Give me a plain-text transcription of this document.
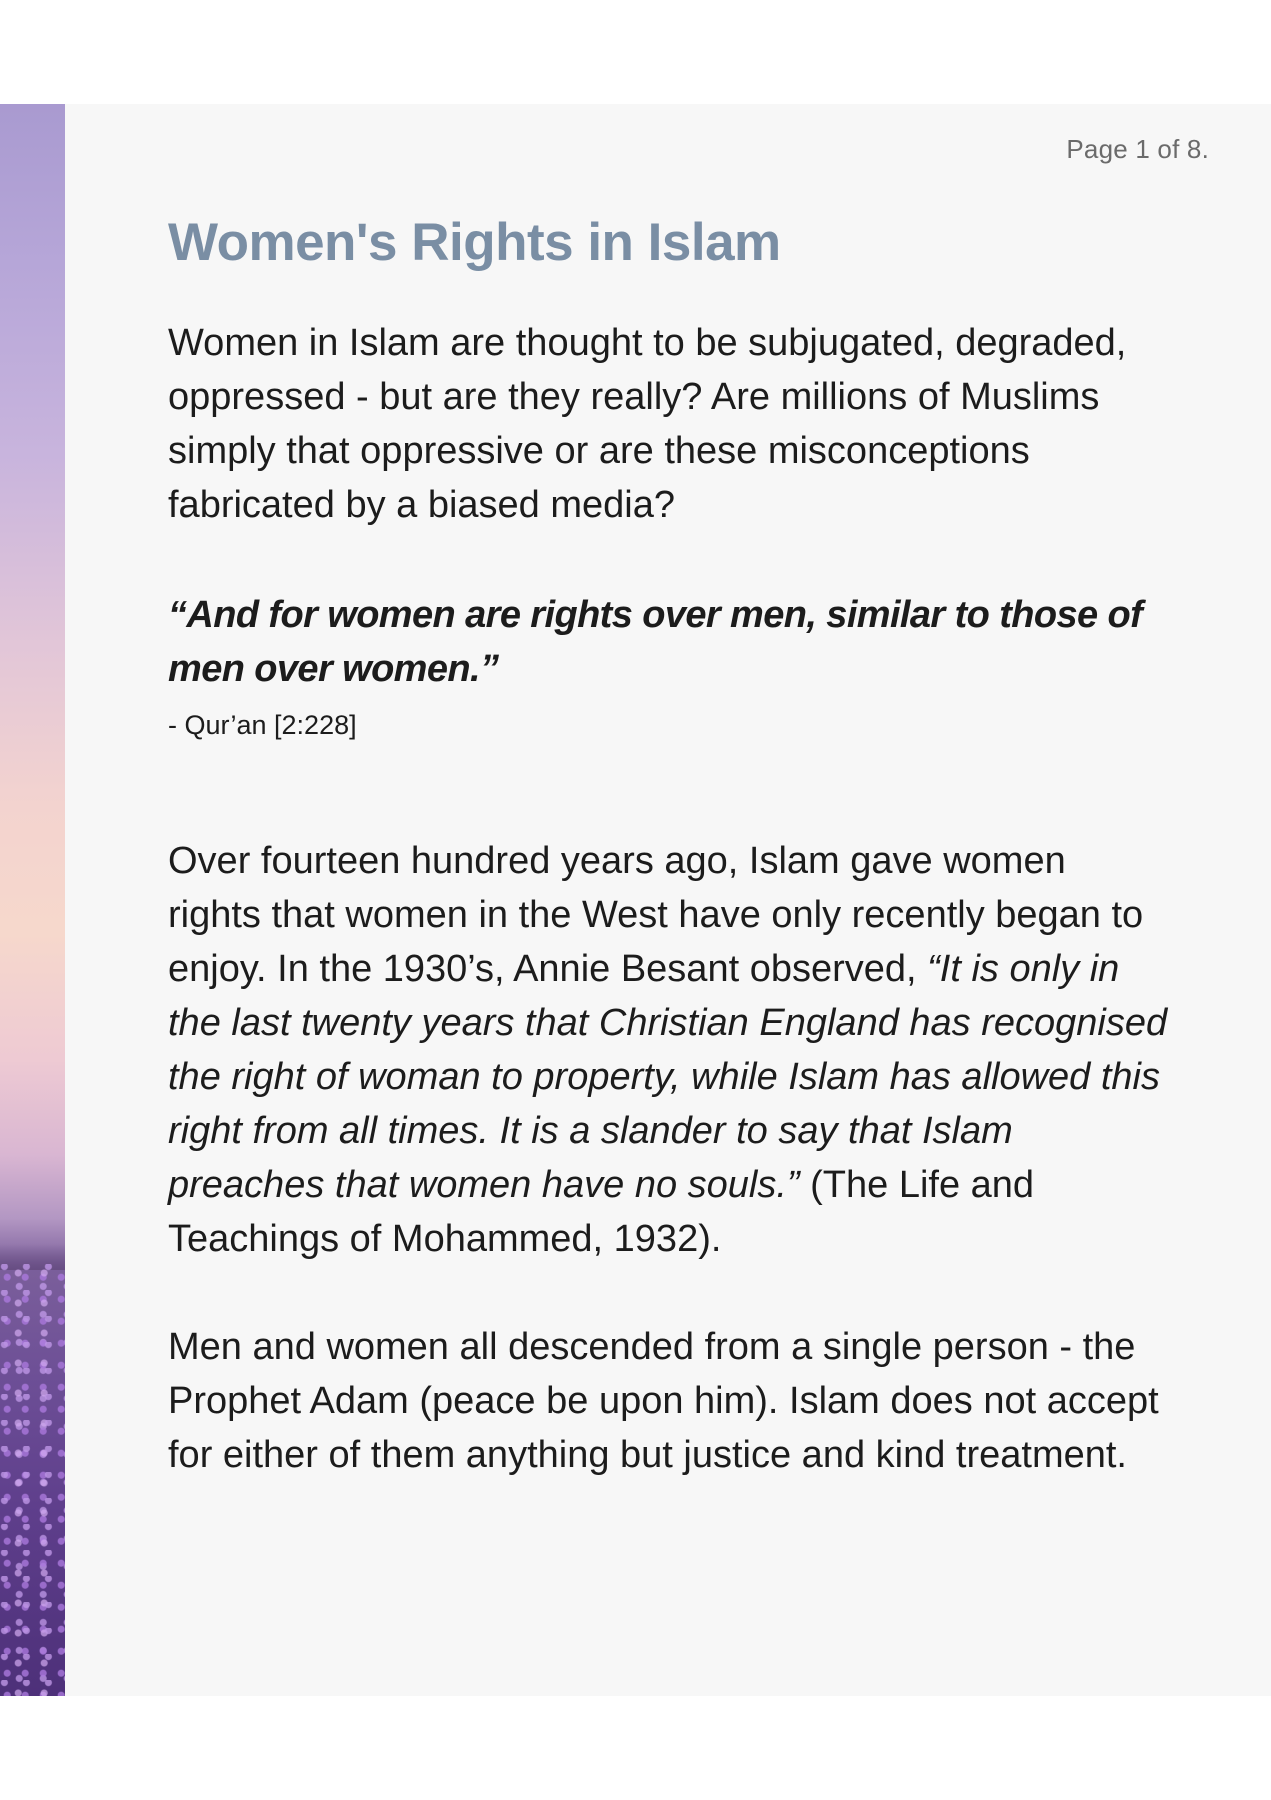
Page 1 of 8.
Women's Rights in Islam

Women in Islam are thought to be subjugated, degraded, oppressed - but are they really? Are millions of Muslims simply that oppressive or are these misconceptions fabricated by a biased media?

“And for women are rights over men, similar to those of men over women.”

- Qur’an [2:228]

Over fourteen hundred years ago, Islam gave women rights that women in the West have only recently began to enjoy. In the 1930’s, Annie Besant observed, “It is only in the last twenty years that Christian England has recognised the right of woman to property, while Islam has allowed this right from all times. It is a slander to say that Islam preaches that women have no souls.” (The Life and Teachings of Mohammed, 1932).

Men and women all descended from a single person - the Prophet Adam (peace be upon him). Islam does not accept for either of them anything but justice and kind treatment.
